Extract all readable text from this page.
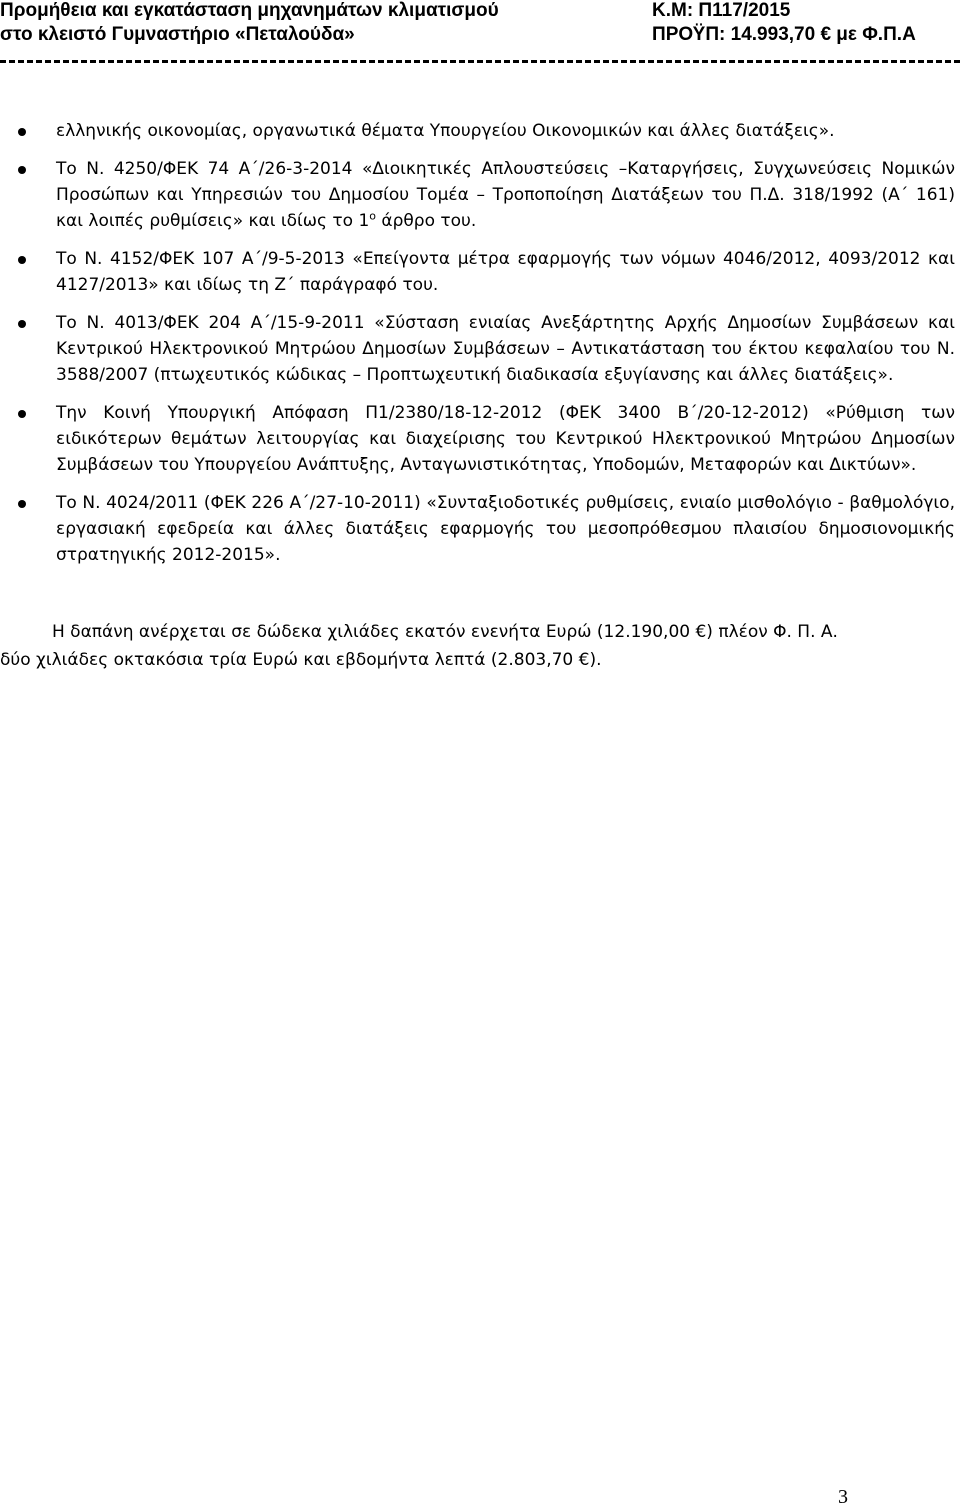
Προμήθεια και εγκατάσταση μηχανημάτων κλιματισμού	Κ.Μ: Π117/2015
στο κλειστό Γυμναστήριο «Πεταλούδα»	ΠΡΟΫΠ: 14.993,70 € με Φ.Π.Α
ελληνικής οικονομίας, οργανωτικά θέματα Υπουργείου Οικονομικών και άλλες διατάξεις».
Το Ν. 4250/ΦΕΚ 74 Α΄/26-3-2014 «Διοικητικές Απλουστεύσεις –Καταργήσεις, Συγχωνεύσεις Νομικών Προσώπων και Υπηρεσιών του Δημοσίου Τομέα – Τροποποίηση Διατάξεων του Π.Δ. 318/1992 (Α΄ 161) και λοιπές ρυθμίσεις» και ιδίως το $1^o$ άρθρο του.
Το Ν. 4152/ΦΕΚ 107 Α΄/9-5-2013 «Επείγοντα μέτρα εφαρμογής των νόμων 4046/2012, 4093/2012 και 4127/2013» και ιδίως τη Ζ΄ παράγραφό του.
Το Ν. 4013/ΦΕΚ 204 Α΄/15-9-2011 «Σύσταση ενιαίας Ανεξάρτητης Αρχής Δημοσίων Συμβάσεων και Κεντρικού Ηλεκτρονικού Μητρώου Δημοσίων Συμβάσεων – Αντικατάσταση του έκτου κεφαλαίου του Ν. 3588/2007 (πτωχευτικός κώδικας – Προπτωχευτική διαδικασία εξυγίανσης και άλλες διατάξεις».
Την Κοινή Υπουργική Απόφαση Π1/2380/18-12-2012 (ΦΕΚ 3400 Β΄/20-12-2012) «Ρύθμιση των ειδικότερων θεμάτων λειτουργίας και διαχείρισης του Κεντρικού Ηλεκτρονικού Μητρώου Δημοσίων Συμβάσεων του Υπουργείου Ανάπτυξης, Ανταγωνιστικότητας, Υποδομών, Μεταφορών και Δικτύων».
Το Ν. 4024/2011 (ΦΕΚ 226 Α΄/27-10-2011) «Συνταξιοδοτικές ρυθμίσεις, ενιαίο μισθολόγιο - βαθμολόγιο, εργασιακή εφεδρεία και άλλες διατάξεις εφαρμογής του μεσοπρόθεσμου πλαισίου δημοσιονομικής στρατηγικής 2012-2015».
Η δαπάνη ανέρχεται σε δώδεκα χιλιάδες εκατόν ενενήτα Ευρώ (12.190,00 €) πλέον Φ. Π. Α.
δύο χιλιάδες οκτακόσια τρία Ευρώ και εβδομήντα λεπτά (2.803,70 €).
3
